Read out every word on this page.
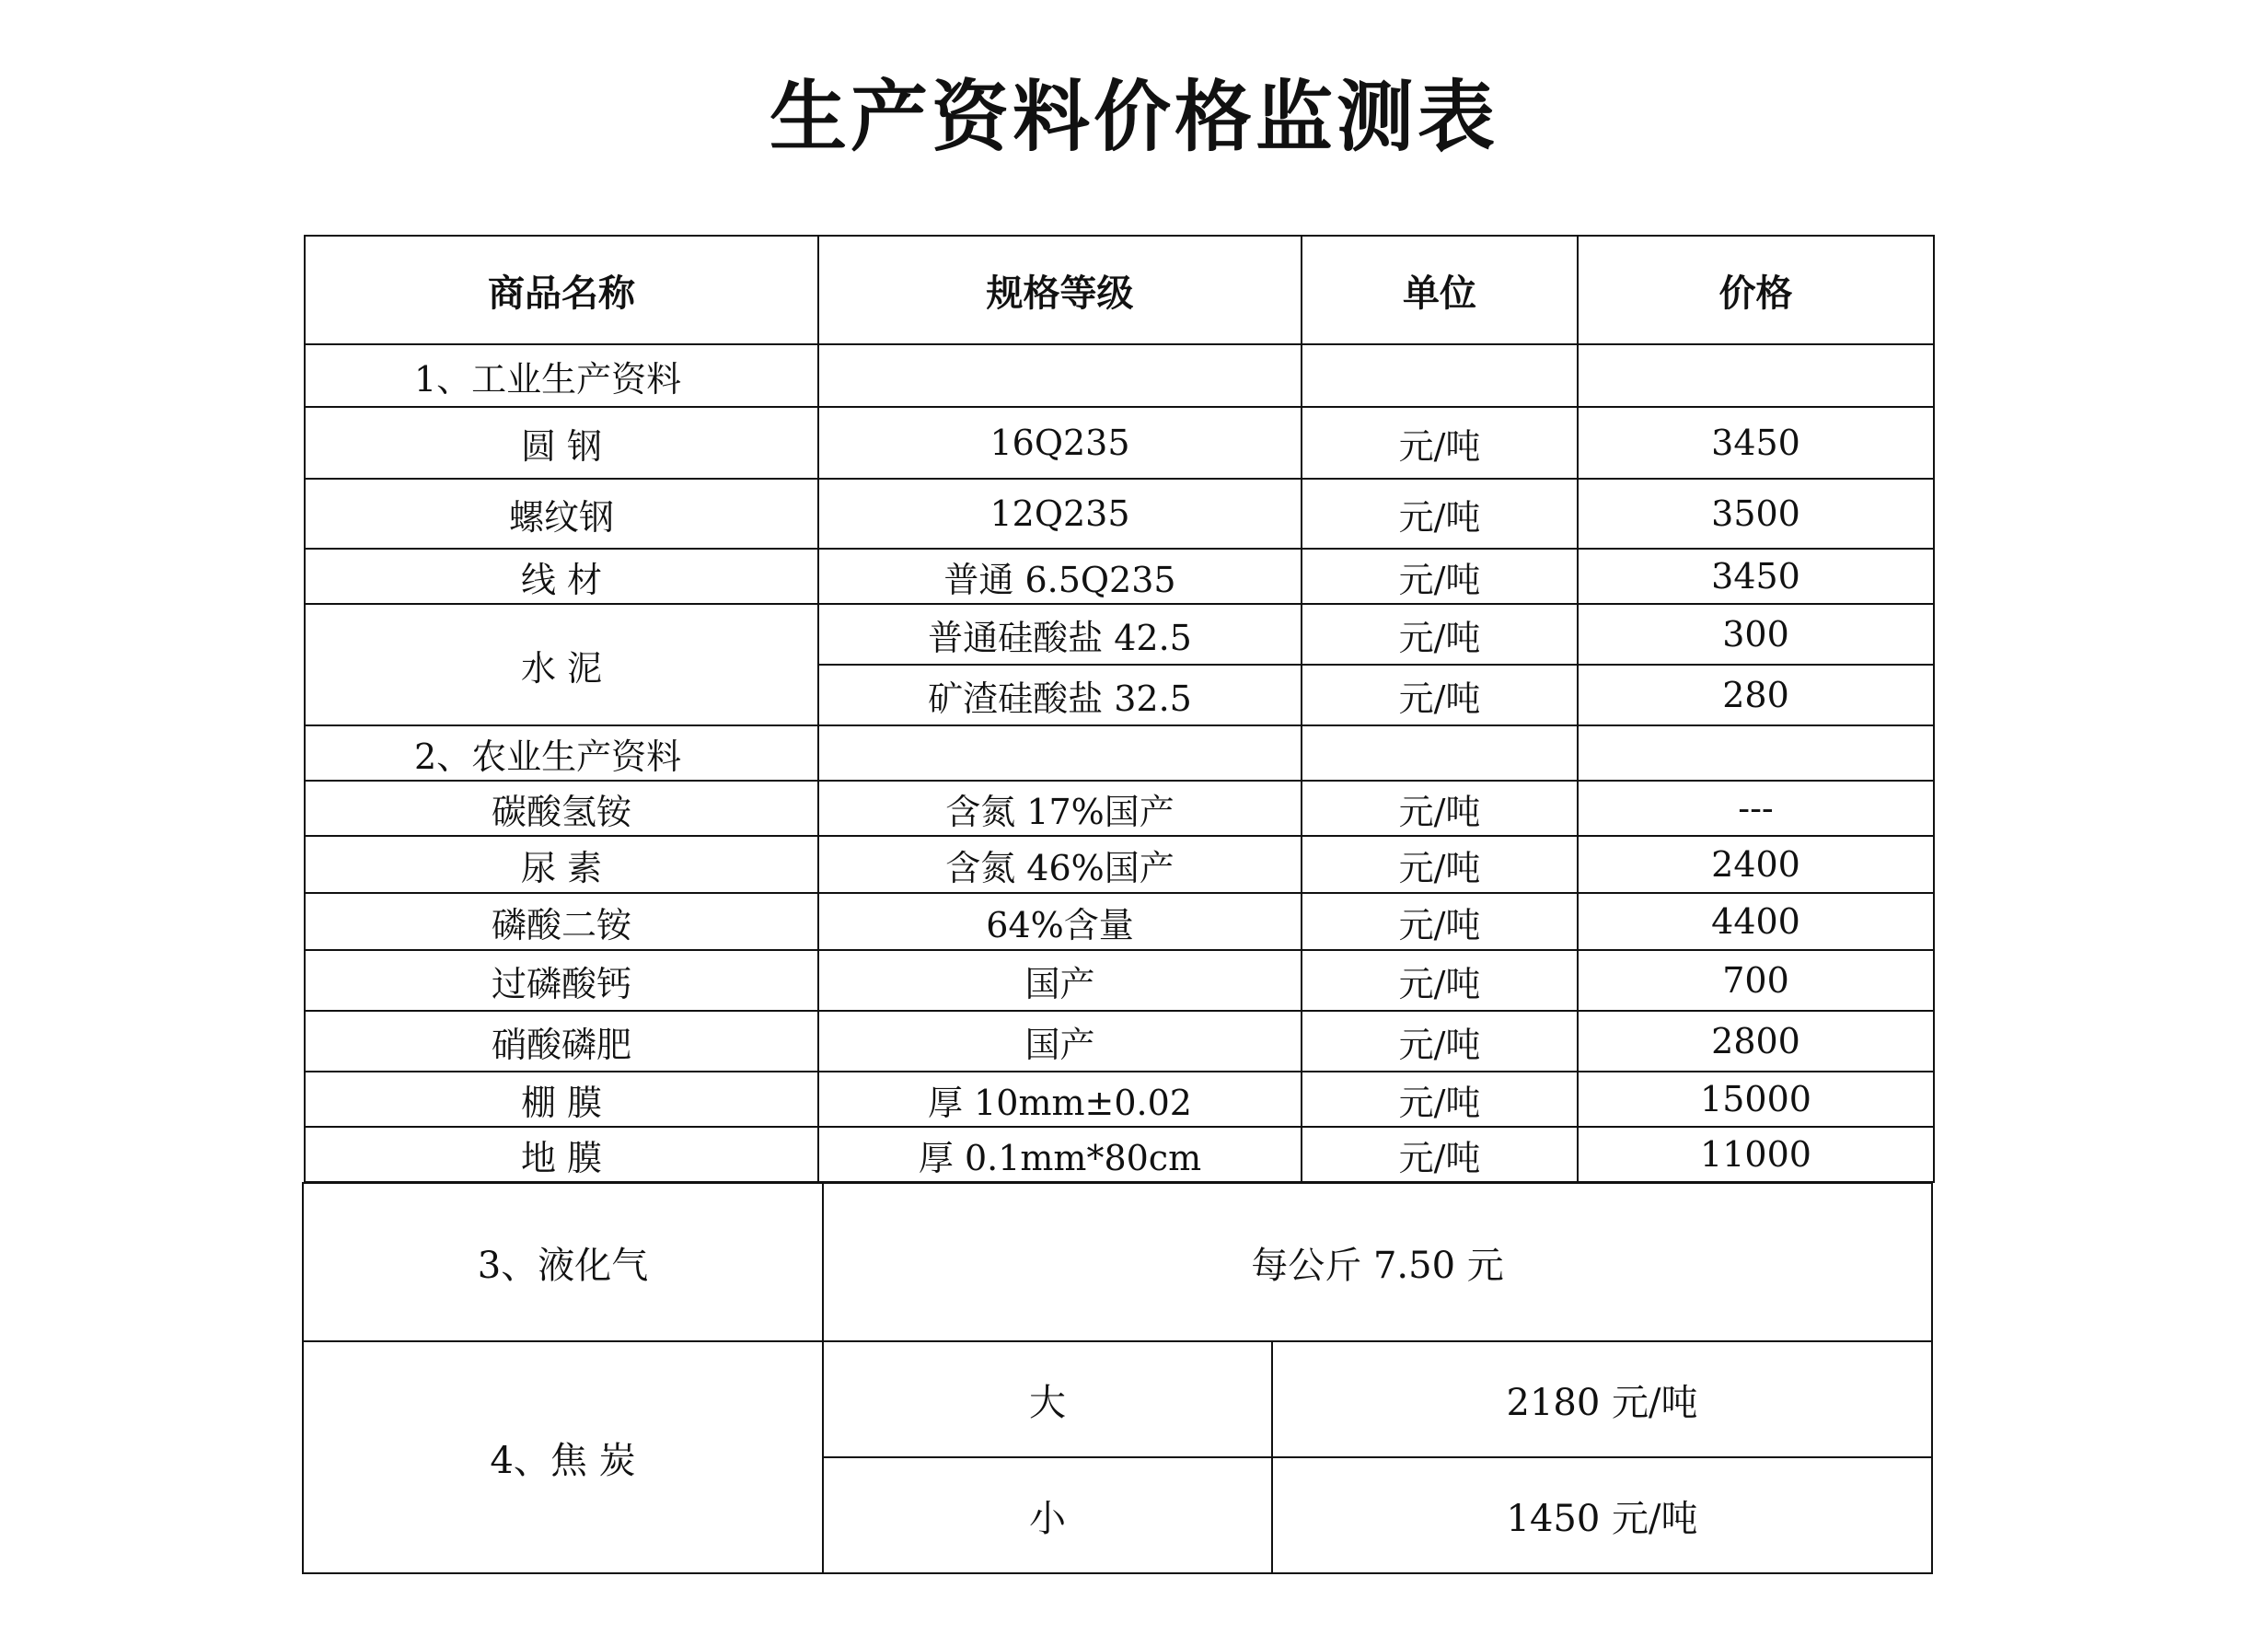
生产资料价格监测表
商品名称	规格等级	单位	价格
1、工业生产资料			
圆 钢	16Q235	元/吨	3450
螺纹钢	12Q235	元/吨	3500
线 材	普通 6.5Q235	元/吨	3450
水 泥	普通硅酸盐 42.5	元/吨	300
	矿渣硅酸盐 32.5	元/吨	280
2、农业生产资料			
碳酸氢铵	含氮 17%国产	元/吨	---
尿 素	含氮 46%国产	元/吨	2400
磷酸二铵	64%含量	元/吨	4400
过磷酸钙	国产	元/吨	700
硝酸磷肥	国产	元/吨	2800
棚 膜	厚 10mm±0.02	元/吨	15000
地 膜	厚 0.1mm*80cm	元/吨	11000
3、液化气	每公斤 7.50 元	
4、焦 炭	大	2180 元/吨
	小	1450 元/吨
